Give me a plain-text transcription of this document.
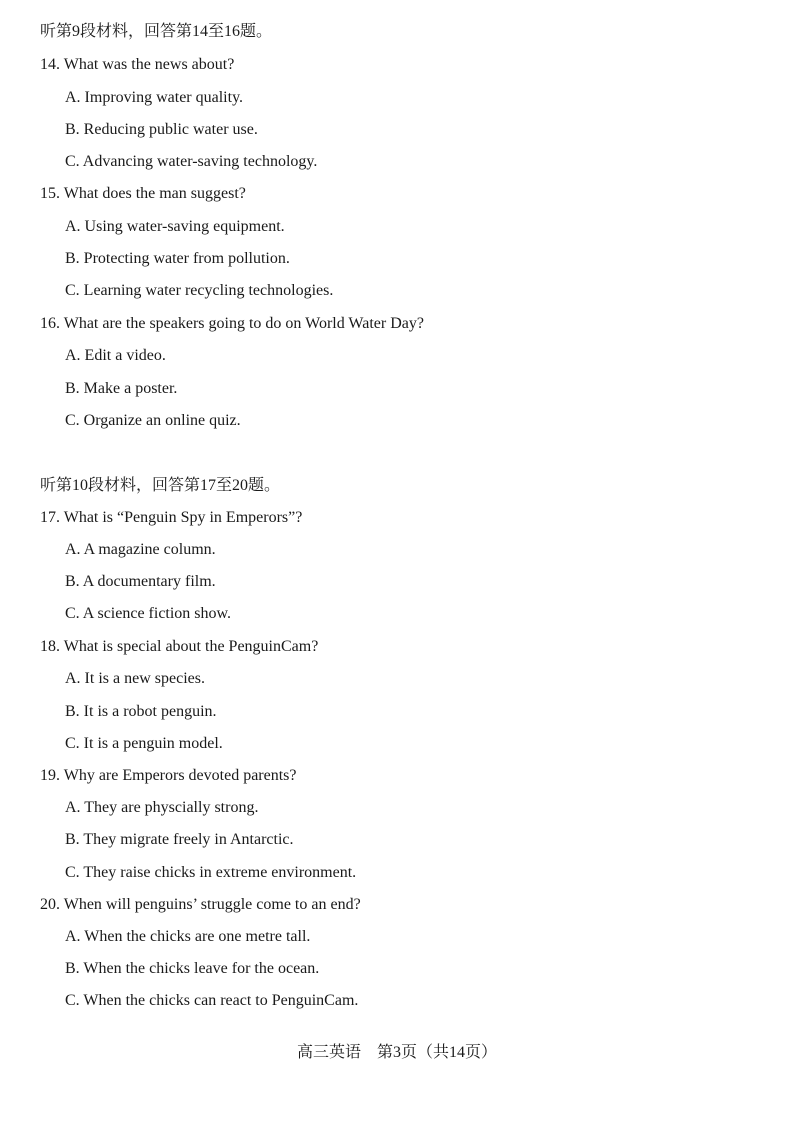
听第9段材料，回答第14至16题。
14. What was the news about?
A. Improving water quality.
B. Reducing public water use.
C. Advancing water-saving technology.
15. What does the man suggest?
A. Using water-saving equipment.
B. Protecting water from pollution.
C. Learning water recycling technologies.
16. What are the speakers going to do on World Water Day?
A. Edit a video.
B. Make a poster.
C. Organize an online quiz.
听第10段材料，回答第17至20题。
17. What is “Penguin Spy in Emperors”?
A. A magazine column.
B. A documentary film.
C. A science fiction show.
18. What is special about the PenguinCam?
A. It is a new species.
B. It is a robot penguin.
C. It is a penguin model.
19. Why are Emperors devoted parents?
A. They are physcially strong.
B. They migrate freely in Antarctic.
C. They raise chicks in extreme environment.
20. When will penguins’ struggle come to an end?
A. When the chicks are one metre tall.
B. When the chicks leave for the ocean.
C. When the chicks can react to PenguinCam.
高三英语　第3页（共14页）
